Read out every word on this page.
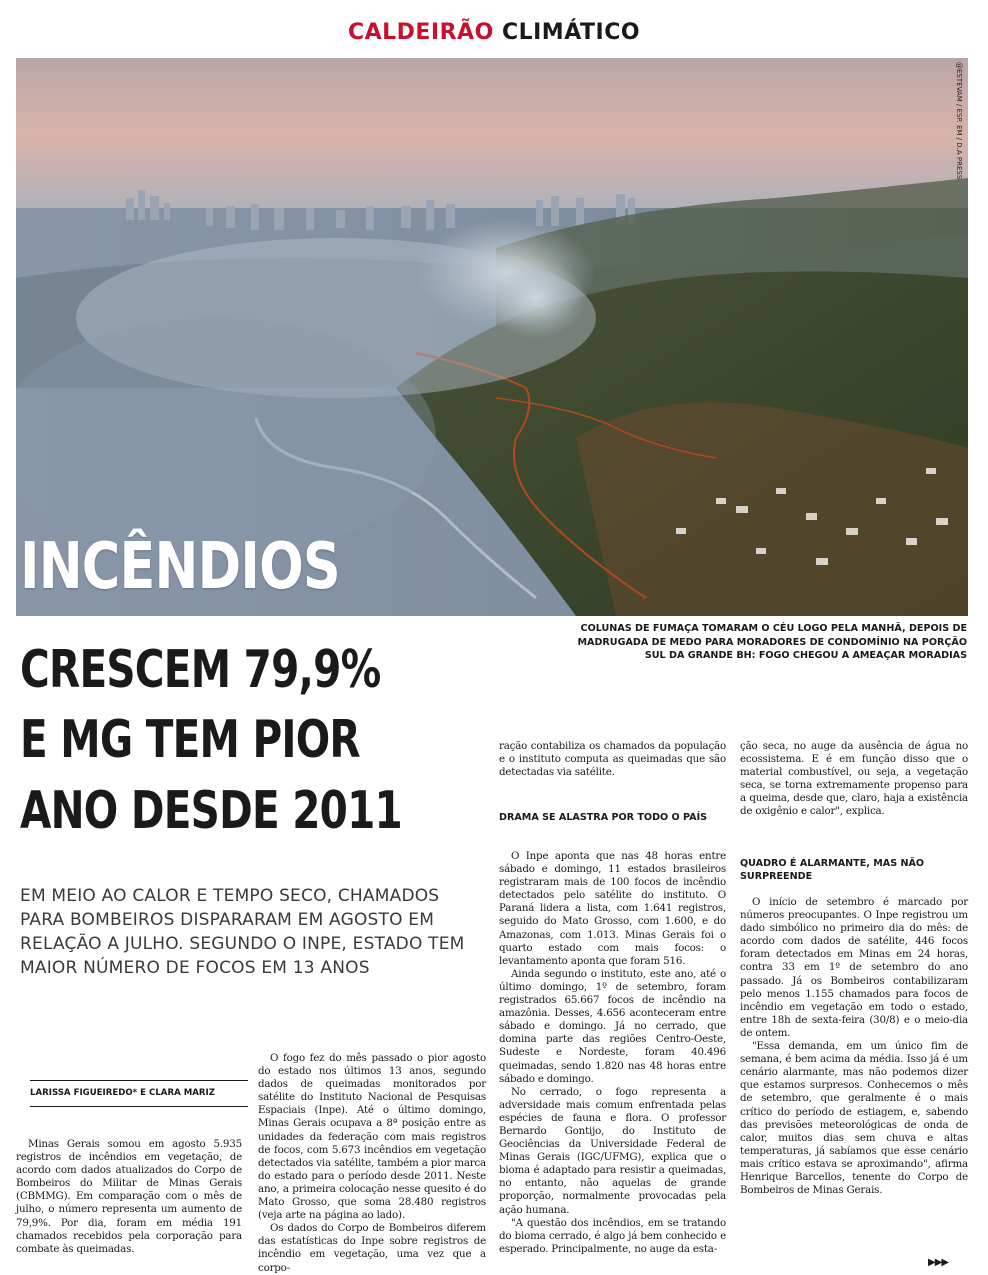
CALDEIRÃO CLIMÁTICO
@ESTEVAM / ESP. EM / D.A PRESS
INCÊNDIOS
CRESCEM 79,9%
E MG TEM PIOR
ANO DESDE 2011
COLUNAS DE FUMAÇA TOMARAM O CÉU LOGO PELA MANHÃ, DEPOIS DE MADRUGADA DE MEDO PARA MORADORES DE CONDOMÍNIO NA PORÇÃO SUL DA GRANDE BH: FOGO CHEGOU A AMEAÇAR MORADIAS
EM MEIO AO CALOR E TEMPO SECO, CHAMADOS PARA BOMBEIROS DISPARARAM EM AGOSTO EM RELAÇÃO A JULHO. SEGUNDO O INPE, ESTADO TEM MAIOR NÚMERO DE FOCOS EM 13 ANOS
LARISSA FIGUEIREDO* E CLARA MARIZ

Minas Gerais somou em agosto 5.935 registros de incêndios em vegetação, de acordo com dados atualizados do Corpo de Bombeiros do Militar de Minas Gerais (CBMMG). Em comparação com o mês de julho, o número representa um aumento de 79,9%. Por dia, foram em média 191 chamados recebidos pela corporação para combate às queimadas.

O fogo fez do mês passado o pior agosto do estado nos últimos 13 anos, segundo dados de queimadas monitorados por satélite do Instituto Nacional de Pesquisas Espaciais (Inpe). Até o último domingo, Minas Gerais ocupava a 8ª posição entre as unidades da federação com mais registros de focos, com 5.673 incêndios em vegetação detectados via satélite, também a pior marca do estado para o período desde 2011. Neste ano, a primeira colocação nesse quesito é do Mato Grosso, que soma 28.480 registros (veja arte na página ao lado).

Os dados do Corpo de Bombeiros diferem das estatísticas do Inpe sobre registros de incêndio em vegetação, uma vez que a corpo-

ração contabiliza os chamados da população e o instituto computa as queimadas que são detectadas via satélite.

DRAMA SE ALASTRA POR TODO O PAÍS

O Inpe aponta que nas 48 horas entre sábado e domingo, 11 estados brasileiros registraram mais de 100 focos de incêndio detectados pelo satélite do instituto. O Paraná lidera a lista, com 1.641 registros, seguido do Mato Grosso, com 1.600, e do Amazonas, com 1.013. Minas Gerais foi o quarto estado com mais focos: o levantamento aponta que foram 516.

Ainda segundo o instituto, este ano, até o último domingo, 1º de setembro, foram registrados 65.667 focos de incêndio na amazônia. Desses, 4.656 aconteceram entre sábado e domingo. Já no cerrado, que domina parte das regiões Centro-Oeste, Sudeste e Nordeste, foram 40.496 queimadas, sendo 1.820 nas 48 horas entre sábado e domingo.

No cerrado, o fogo representa a adversidade mais comum enfrentada pelas espécies de fauna e flora. O professor Bernardo Gontijo, do Instituto de Geociências da Universidade Federal de Minas Gerais (IGC/UFMG), explica que o bioma é adaptado para resistir a queimadas, no entanto, não aquelas de grande proporção, normalmente provocadas pela ação humana.

"A questão dos incêndios, em se tratando do bioma cerrado, é algo já bem conhecido e esperado. Principalmente, no auge da esta-

ção seca, no auge da ausência de água no ecossistema. E é em função disso que o material combustível, ou seja, a vegetação seca, se torna extremamente propenso para a queima, desde que, claro, haja a existência de oxigênio e calor", explica.

QUADRO É ALARMANTE, MAS NÃO SURPREENDE

O início de setembro é marcado por números preocupantes. O Inpe registrou um dado simbólico no primeiro dia do mês: de acordo com dados de satélite, 446 focos foram detectados em Minas em 24 horas, contra 33 em 1º de setembro do ano passado. Já os Bombeiros contabilizaram pelo menos 1.155 chamados para focos de incêndio em vegetação em todo o estado, entre 18h de sexta-feira (30/8) e o meio-dia de ontem.

"Essa demanda, em um único fim de semana, é bem acima da média. Isso já é um cenário alarmante, mas não podemos dizer que estamos surpresos. Conhecemos o mês de setembro, que geralmente é o mais crítico do período de estiagem, e, sabendo das previsões meteorológicas de onda de calor, muitos dias sem chuva e altas temperaturas, já sabíamos que esse cenário mais crítico estava se aproximando", afirma Henrique Barcellos, tenente do Corpo de Bombeiros de Minas Gerais.

▶▶▶
